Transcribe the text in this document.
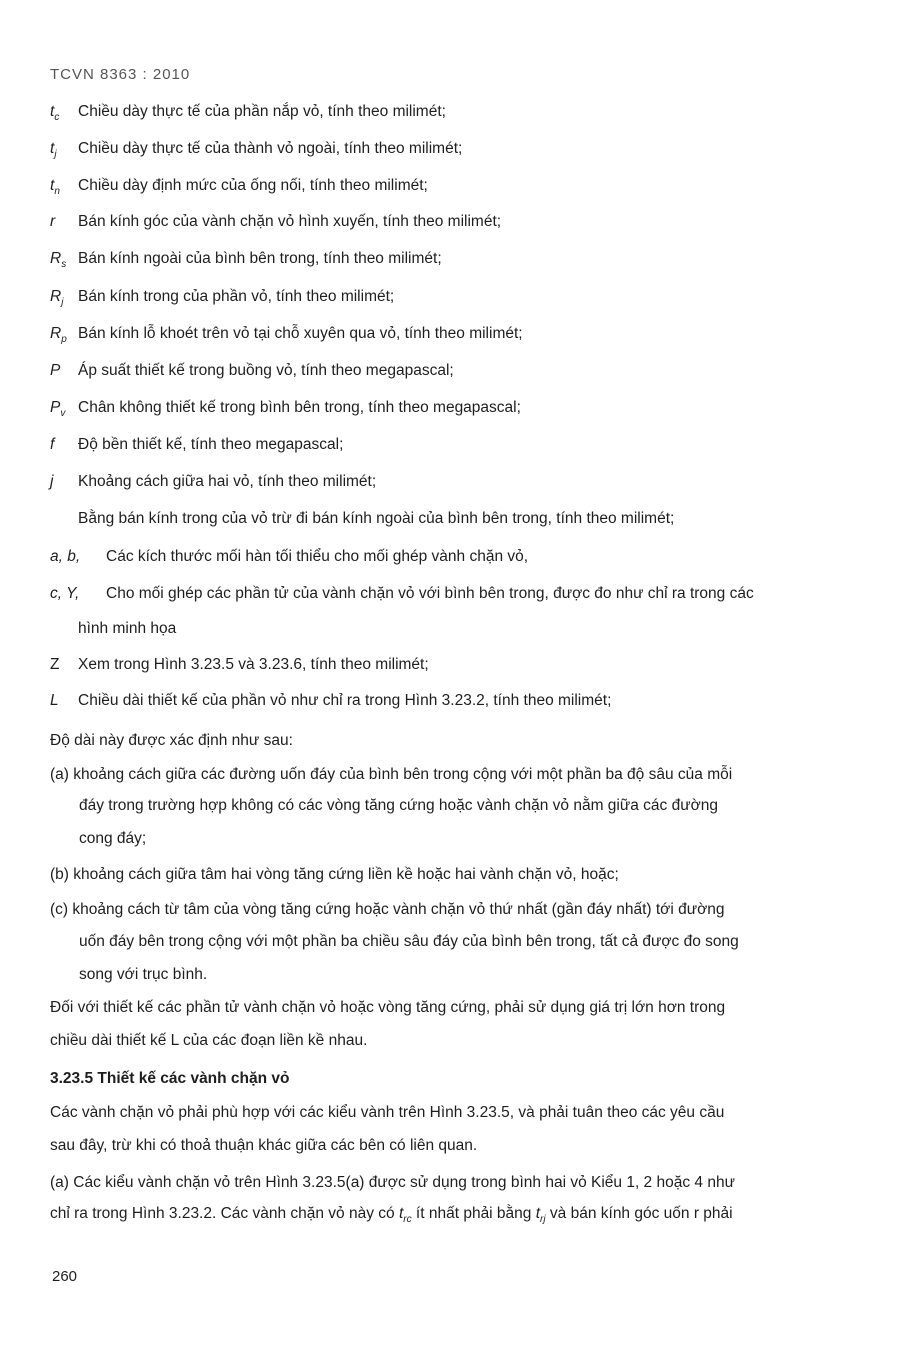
TCVN 8363 : 2010
$t_c$ Chiều dày thực tế của phần nắp vỏ, tính theo milimét;
$t_j$ Chiều dày thực tế của thành vỏ ngoài, tính theo milimét;
$t_n$ Chiều dày định mức của ống nối, tính theo milimét;
r Bán kính góc của vành chặn vỏ hình xuyến, tính theo milimét;
$R_s$ Bán kính ngoài của bình bên trong, tính theo milimét;
$R_j$ Bán kính trong của phần vỏ, tính theo milimét;
$R_p$ Bán kính lỗ khoét trên vỏ tại chỗ xuyên qua vỏ, tính theo milimét;
P Áp suất thiết kế trong buồng vỏ, tính theo megapascal;
$P_v$ Chân không thiết kế trong bình bên trong, tính theo megapascal;
f Độ bền thiết kế, tính theo megapascal;
j Khoảng cách giữa hai vỏ, tính theo milimét;
Bằng bán kính trong của vỏ trừ đi bán kính ngoài của bình bên trong, tính theo milimét;
a, b, Các kích thước mối hàn tối thiểu cho mối ghép vành chặn vỏ,
c, Y, Cho mối ghép các phần tử của vành chặn vỏ với bình bên trong, được đo như chỉ ra trong các
hình minh họa
Z Xem trong Hình 3.23.5 và 3.23.6, tính theo milimét;
L Chiều dài thiết kế của phần vỏ như chỉ ra trong Hình 3.23.2, tính theo milimét;
Độ dài này được xác định như sau:
(a) khoảng cách giữa các đường uốn đáy của bình bên trong cộng với một phần ba độ sâu của mỗi
đáy trong trường hợp không có các vòng tăng cứng hoặc vành chặn vỏ nằm giữa các đường
cong đáy;
(b) khoảng cách giữa tâm hai vòng tăng cứng liền kề hoặc hai vành chặn vỏ, hoặc;
(c) khoảng cách từ tâm của vòng tăng cứng hoặc vành chặn vỏ thứ nhất (gần đáy nhất) tới đường
uốn đáy bên trong cộng với một phần ba chiều sâu đáy của bình bên trong, tất cả được đo song
song với trục bình.
Đối với thiết kế các phần tử vành chặn vỏ hoặc vòng tăng cứng, phải sử dụng giá trị lớn hơn trong
chiều dài thiết kế L của các đoạn liền kề nhau.
3.23.5 Thiết kế các vành chặn vỏ
Các vành chặn vỏ phải phù hợp với các kiểu vành trên Hình 3.23.5, và phải tuân theo các yêu cầu
sau đây, trừ khi có thoả thuận khác giữa các bên có liên quan.
(a) Các kiểu vành chặn vỏ trên Hình 3.23.5(a) được sử dụng trong bình hai vỏ Kiểu 1, 2 hoặc 4 như
chỉ ra trong Hình 3.23.2. Các vành chặn vỏ này có $t_{rc}$ ít nhất phải bằng $t_{rj}$ và bán kính góc uốn r phải
260
